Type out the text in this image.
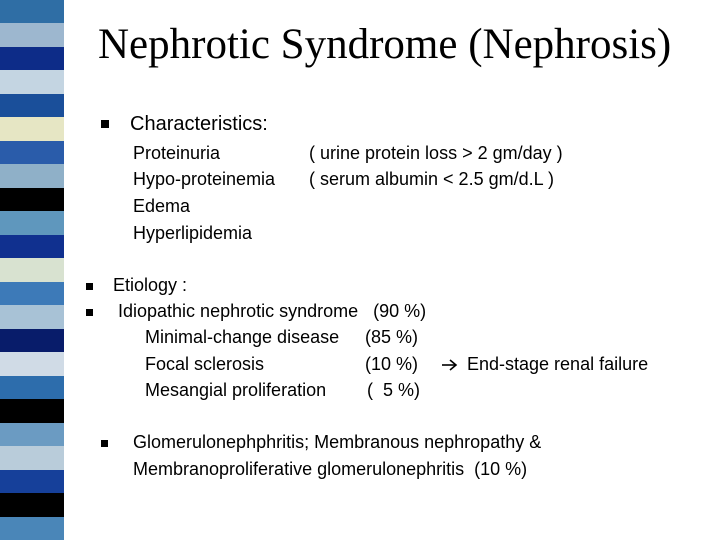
Nephrotic Syndrome (Nephrosis)
Characteristics:
Proteinuria	( urine protein loss > 2 gm/day )
Hypo-proteinemia ( serum albumin < 2.5 gm/d.L )
Edema
Hyperlipidemia
Etiology :
Idiopathic nephrotic syndrome   (90 %)
Minimal-change disease (85 %)
Focal sclerosis	(10 %)	End-stage renal failure
Mesangial proliferation (  5 %)
Glomerulonephphritis; Membranous nephropathy &
Membranoproliferative glomerulonephritis  (10 %)
